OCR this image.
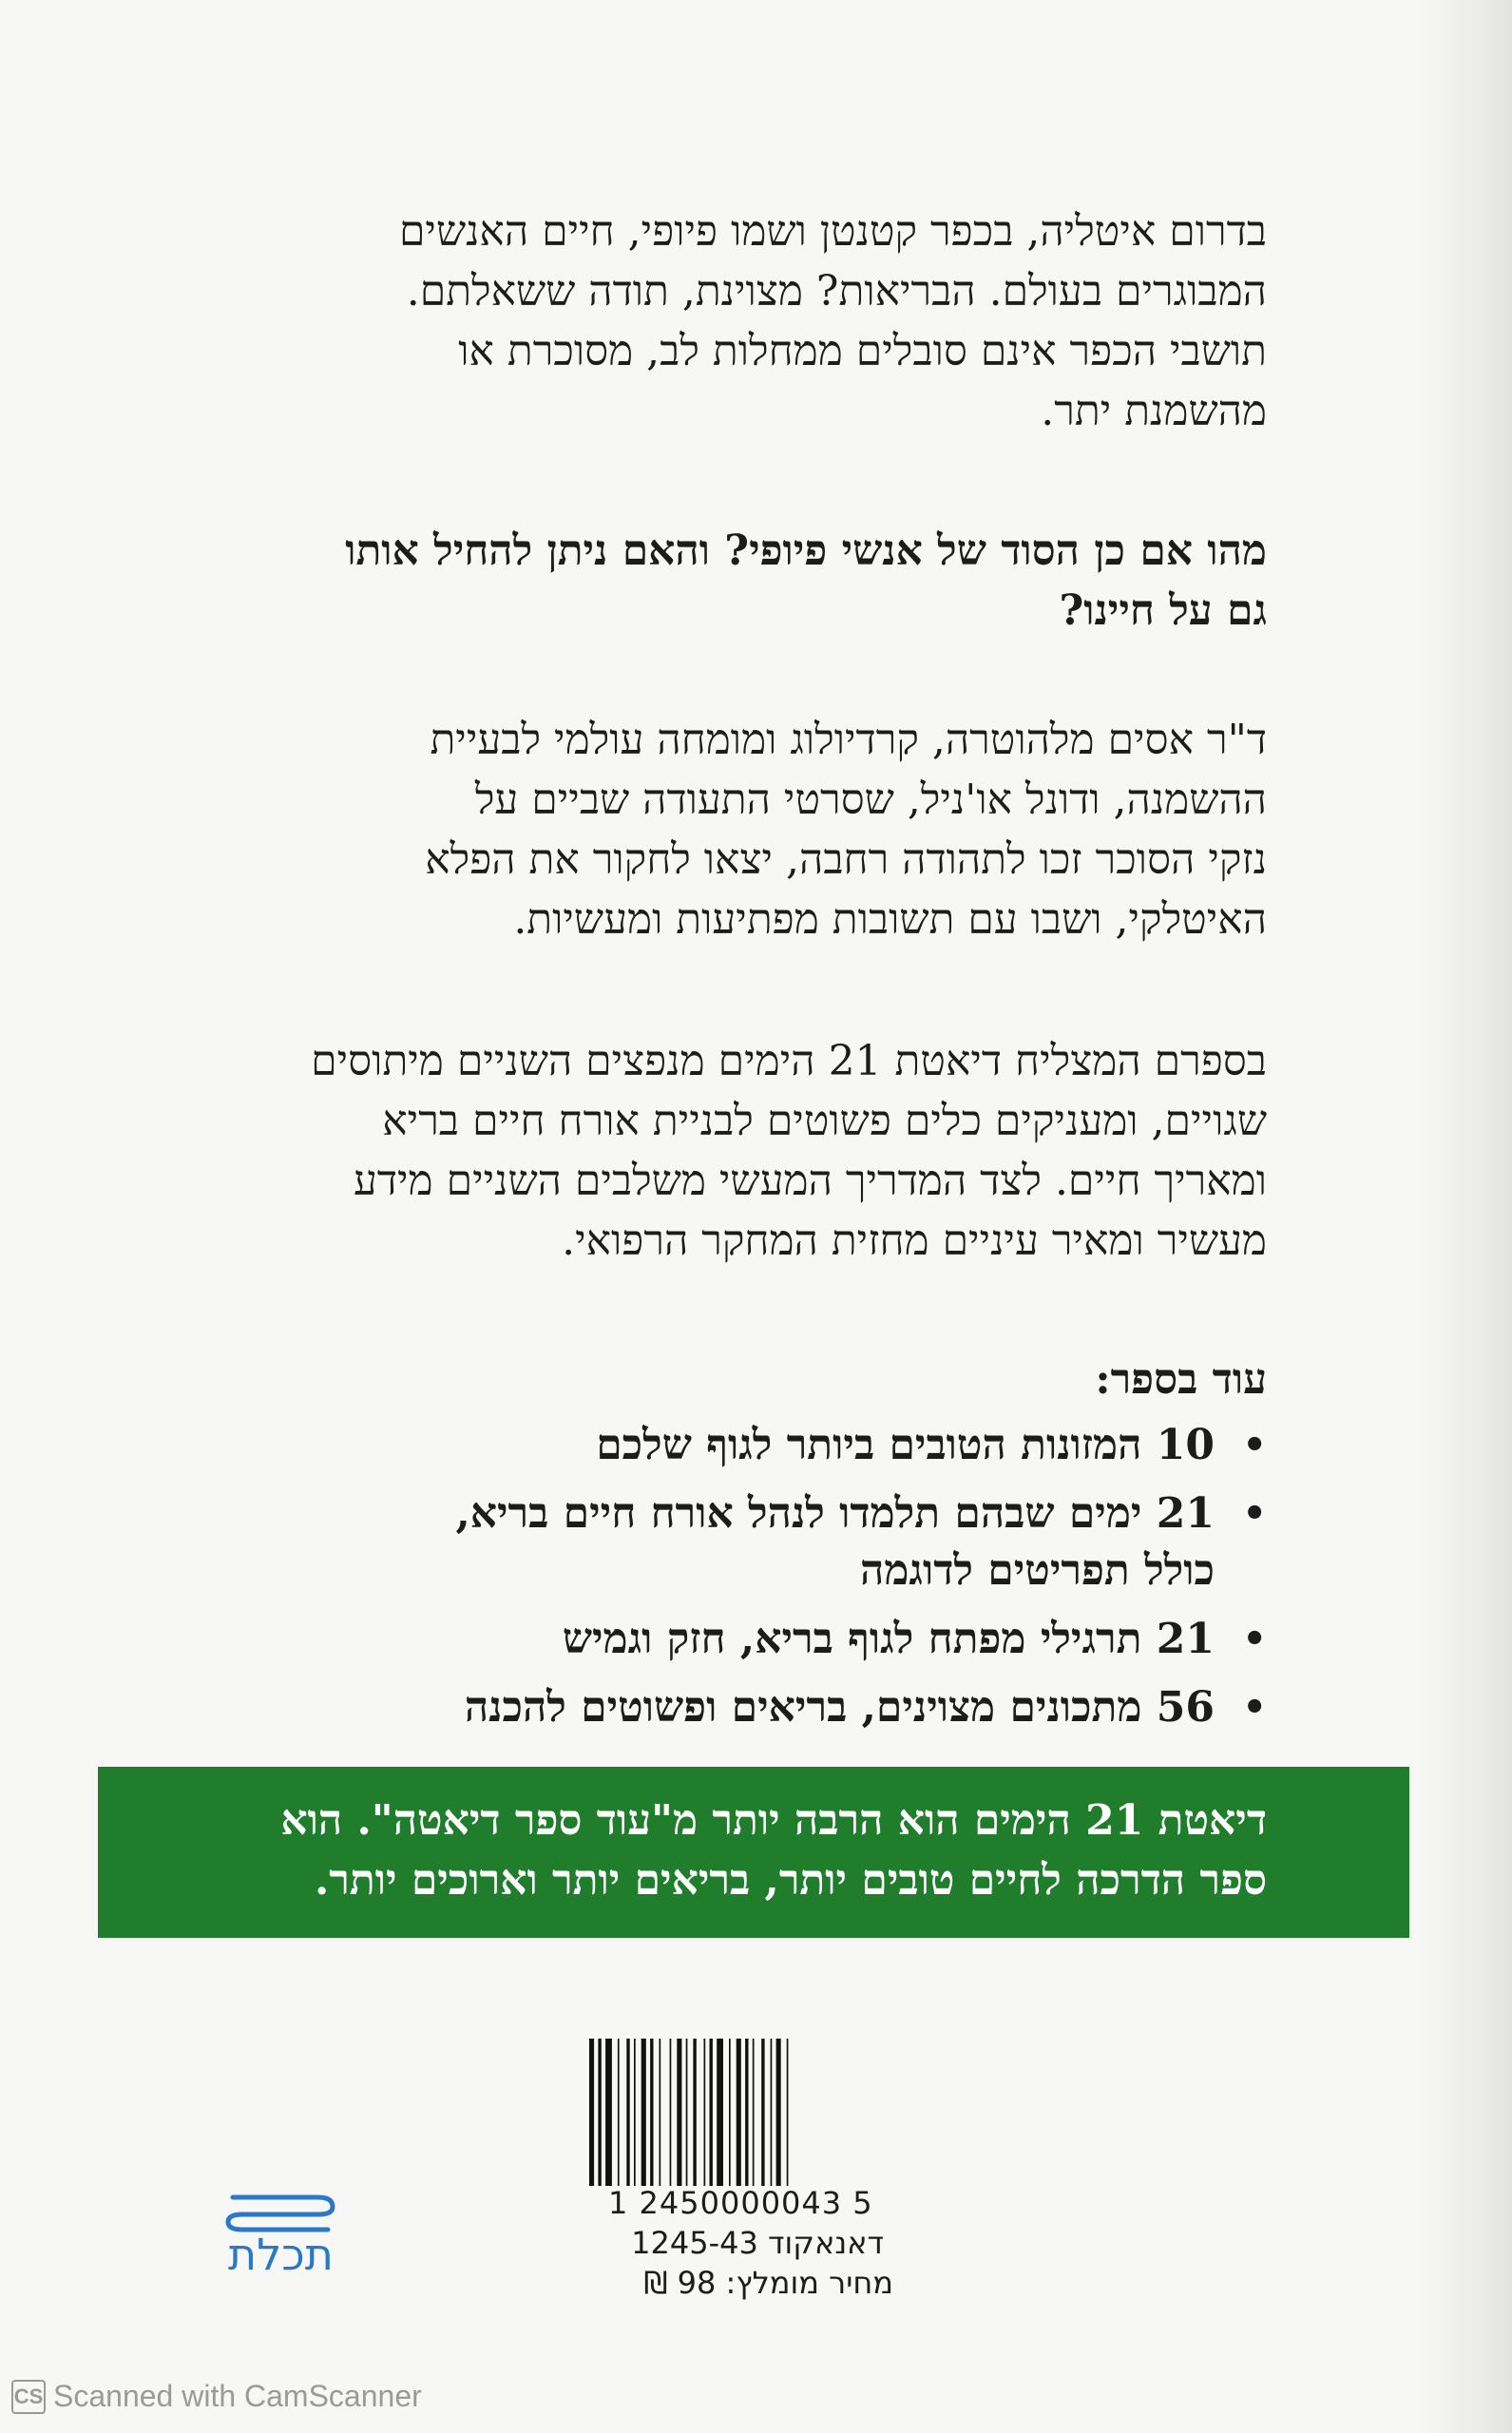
בדרום איטליה, בכפר קטנטן ושמו פיופי, חיים האנשים

המבוגרים בעולם. הבריאות? מצוינת, תודה ששאלתם.

תושבי הכפר אינם סובלים ממחלות לב, מסוכרת או

מהשמנת יתר.

מהו אם כן הסוד של אנשי פיופי? והאם ניתן להחיל אותו

גם על חיינו?

ד"ר אסים מלהוטרה, קרדיולוג ומומחה עולמי לבעיית

ההשמנה, ודונל או'ניל, שסרטי התעודה שביים על

נזקי הסוכר זכו לתהודה רחבה, יצאו לחקור את הפלא

האיטלקי, ושבו עם תשובות מפתיעות ומעשיות.

בספרם המצליח דיאטת 21 הימים מנפצים השניים מיתוסים

שגויים, ומעניקים כלים פשוטים לבניית אורח חיים בריא

ומאריך חיים. לצד המדריך המעשי משלבים השניים מידע

מעשיר ומאיר עיניים מחזית המחקר הרפואי.

עוד בספר:
• 10 המזונות הטובים ביותר לגוף שלכם
• 21 ימים שבהם תלמדו לנהל אורח חיים בריא,
כולל תפריטים לדוגמה
• 21 תרגילי מפתח לגוף בריא, חזק וגמיש
• 56 מתכונים מצוינים, בריאים ופשוטים להכנה
דיאטת 21 הימים הוא הרבה יותר מ"עוד ספר דיאטה". הוא
ספר הדרכה לחיים טובים יותר, בריאים יותר וארוכים יותר.
1 2450000043 5
דאנאקוד 1245-43
מחיר מומלץ: 98 ₪
תכלת
CS Scanned with CamScanner
